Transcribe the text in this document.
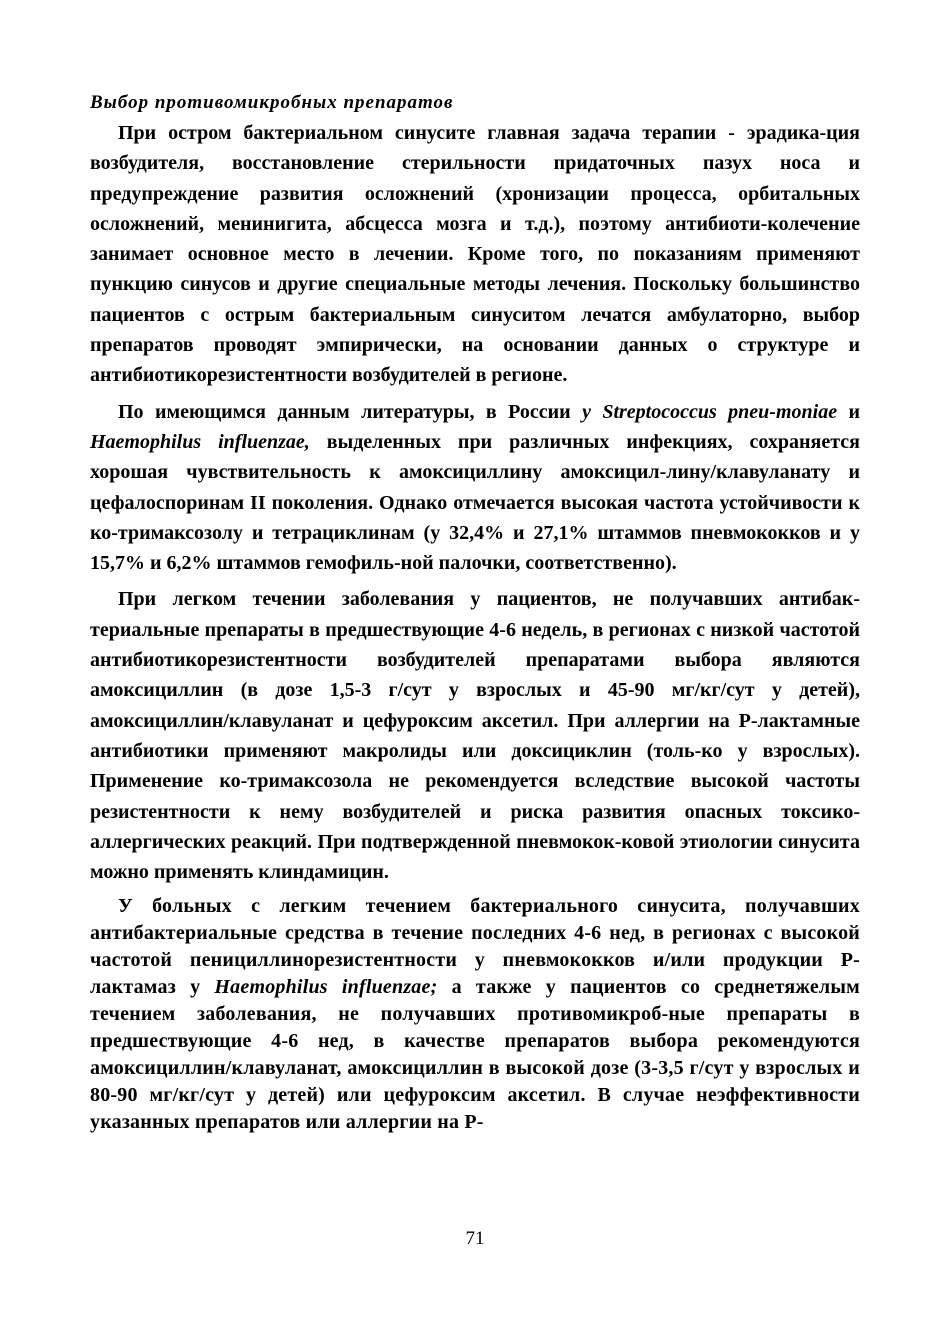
Выбор противомикробных препаратов

При остром бактериальном синусите главная задача терапии - эрадика-ция возбудителя, восстановление стерильности придаточных пазух носа и предупреждение развития осложнений (хронизации процесса, орбитальных осложнений, менинигита, абсцесса мозга и т.д.), поэтому антибиоти-колечение занимает основное место в лечении. Кроме того, по показаниям применяют пункцию синусов и другие специальные методы лечения. Поскольку большинство пациентов с острым бактериальным синуситом лечатся амбулаторно, выбор препаратов проводят эмпирически, на основании данных о структуре и антибиотикорезистентности возбудителей в регионе.

По имеющимся данным литературы, в России у Streptococcus pneu-moniae и Haemophilus influenzae, выделенных при различных инфекциях, сохраняется хорошая чувствительность к амоксициллину амоксицил-лину/клавуланату и цефалоспоринам II поколения. Однако отмечается высокая частота устойчивости к ко-тримаксозолу и тетрациклинам (у 32,4% и 27,1% штаммов пневмококков и у 15,7% и 6,2% штаммов гемофиль-ной палочки, соответственно).

При легком течении заболевания у пациентов, не получавших антибак-териальные препараты в предшествующие 4-6 недель, в регионах с низкой частотой антибиотикорезистентности возбудителей препаратами выбора являются амоксициллин (в дозе 1,5-3 г/сут у взрослых и 45-90 мг/кг/сут у детей), амоксициллин/клавуланат и цефуроксим аксетил. При аллергии на Р-лактамные антибиотики применяют макролиды или доксициклин (толь-ко у взрослых). Применение ко-тримаксозола не рекомендуется вследствие высокой частоты резистентности к нему возбудителей и риска развития опасных токсико-аллергических реакций. При подтвержденной пневмокок-ковой этиологии синусита можно применять клиндамицин.

У больных с легким течением бактериального синусита, получавших антибактериальные средства в течение последних 4-6 нед, в регионах с высокой частотой пенициллинорезистентности у пневмококков и/или продукции Р-лактамаз у Haemophilus influenzae; а также у пациентов со среднетяжелым течением заболевания, не получавших противомикроб-ные препараты в предшествующие 4-6 нед, в качестве препаратов выбора рекомендуются амоксициллин/клавуланат, амоксициллин в высокой дозе (3-3,5 г/сут у взрослых и 80-90 мг/кг/сут у детей) или цефуроксим аксетил. В случае неэффективности указанных препаратов или аллергии на Р-

71
